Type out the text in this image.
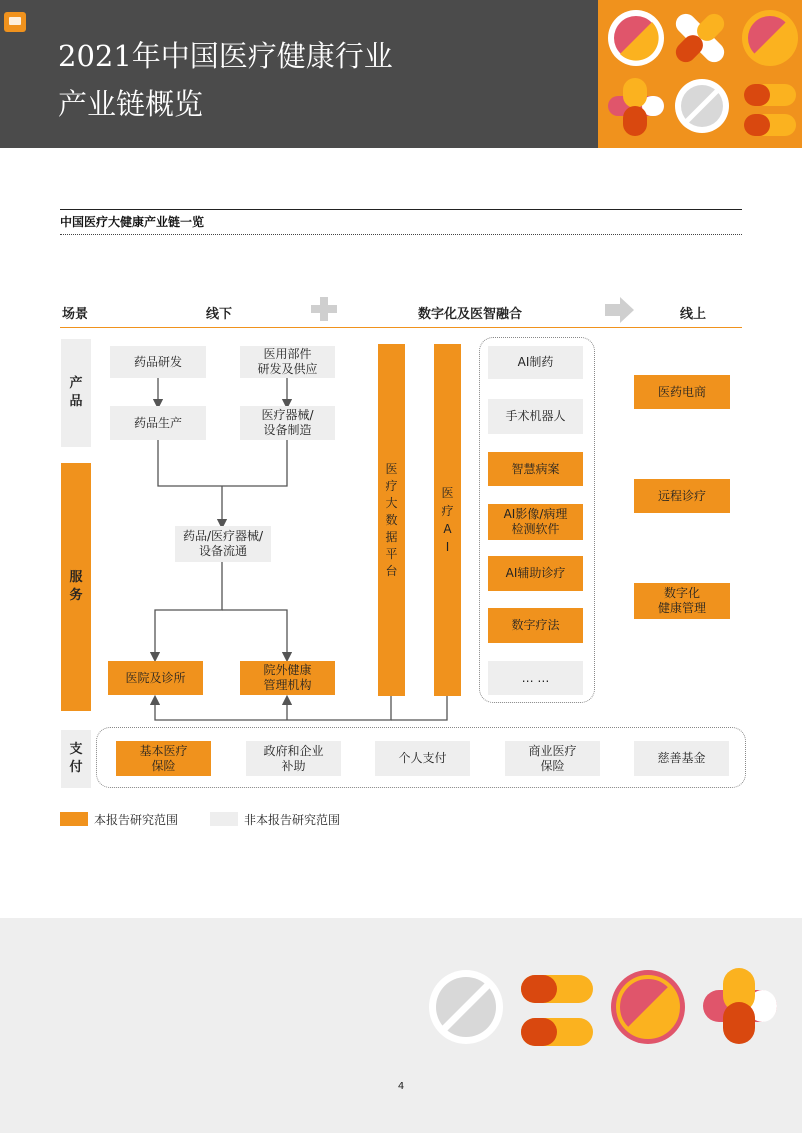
2021年中国医疗健康行业
产业链概览
中国医疗大健康产业链一览
场景	线下	数字化及医智融合	线上
产
品
服
务
支
付
药品研发
药品生产
医用部件
研发及供应
医疗器械/
设备制造
药品/医疗器械/
设备流通
医院及诊所
院外健康
管理机构
医
疗
大
数
据
平
台
医
疗
A
I
AI制药
手术机器人
智慧病案
AI影像/病理
检测软件
AI辅助诊疗
数字疗法
… …
医药电商
远程诊疗
数字化
健康管理
基本医疗
保险
政府和企业
补助
个人支付
商业医疗
保险
慈善基金
本报告研究范围	非本报告研究范围
4
